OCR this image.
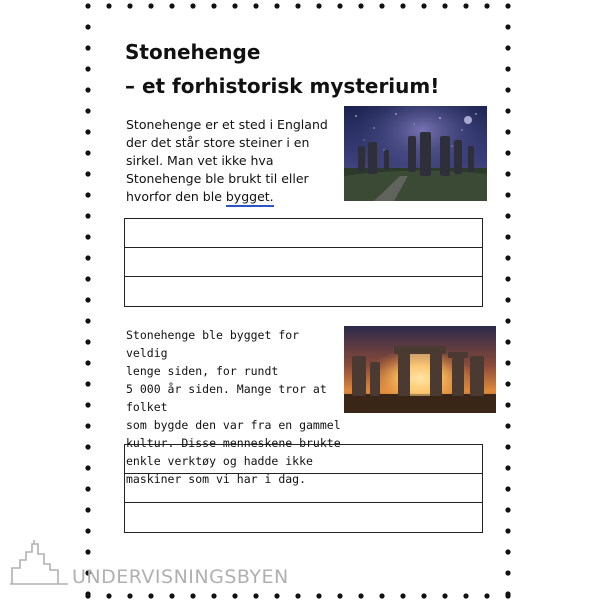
Stonehenge
– et forhistorisk mysterium!
Stonehenge er et sted i England der det står store steiner i en sirkel. Man vet ikke hva Stonehenge ble brukt til eller hvorfor den ble bygget.
Stonehenge ble bygget for veldig
lenge siden, for rundt
5 000 år siden. Mange tror at folket
som bygde den var fra en gammel
kultur. Disse menneskene brukte
enkle verktøy og hadde ikke
maskiner som vi har i dag.
UNDERVISNINGSBYEN
